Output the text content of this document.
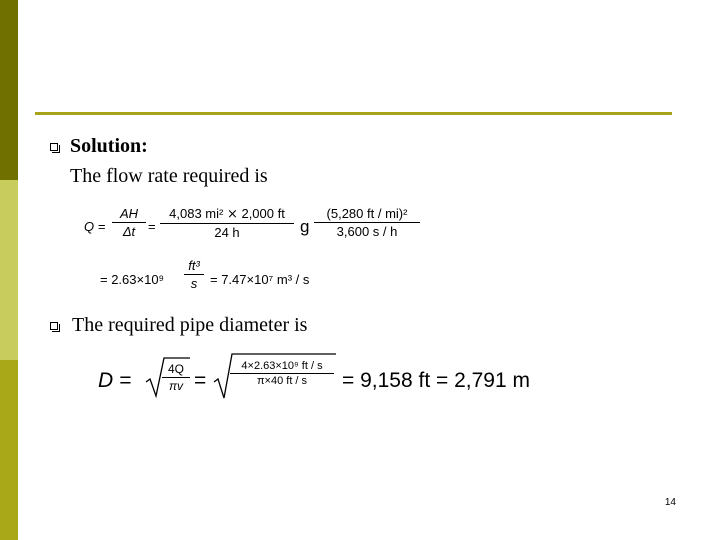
Solution:
The flow rate required is
Q =
AH
Δt =
4,083 mi² ⨯ 2,000 ft
24 h	g
(5,280 ft / mi)²
3,600 s / h
= 2.63×10⁹
ft³
s = 7.47×10⁷ m³ / s
The required pipe diameter is
D =	4Q
πv =
4×2.63×10⁹ ft / s
π×40 ft / s	= 9,158 ft = 2,791 m
14
